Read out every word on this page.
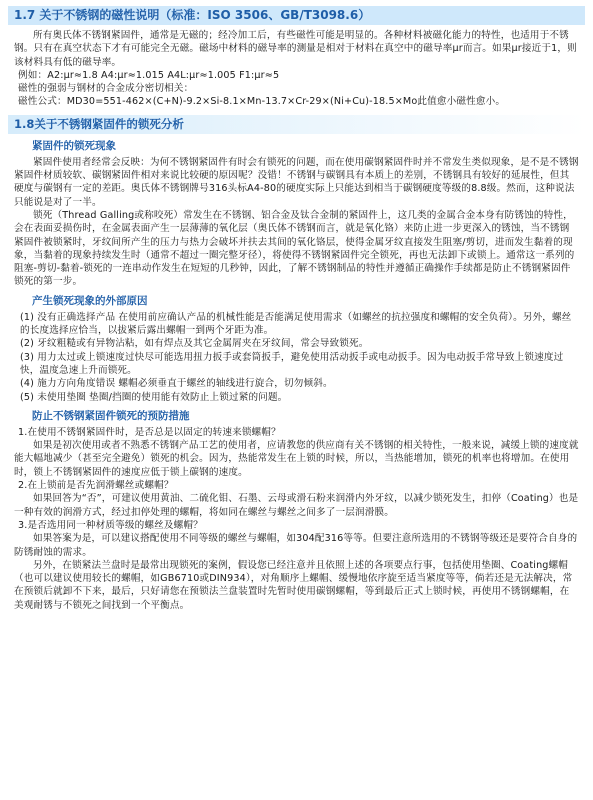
1.7 关于不锈钢的磁性说明（标准：ISO 3506、GB/T3098.6）

所有奥氏体不锈钢紧固件，通常是无磁的；经冷加工后，有些磁性可能是明显的。各种材料被磁化能力的特性，也适用于不锈钢。只有在真空状态下才有可能完全无磁。磁场中材料的磁导率的测量是相对于材料在真空中的磁导率μr而言。如果μr接近于1，则该材料具有低的磁导率。

例如：A2:μr≈1.8 A4:μr≈1.015 A4L:μr≈1.005 F1:μr≈5

磁性的强弱与钢材的合金成分密切相关：

磁性公式：MD30=551-462×(C+N)-9.2×Si-8.1×Mn-13.7×Cr-29×(Ni+Cu)-18.5×Mo此值愈小磁性愈小。

1.8关于不锈钢紧固件的锁死分析
紧固件的锁死现象

紧固件使用者经常会反映：为何不锈钢紧固件有时会有锁死的问题，而在使用碳钢紧固件时并不常发生类似现象，是不是不锈钢紧固件材质较软、碳钢紧固件相对来说比较硬的原因呢？没错！不锈钢与碳钢具有本质上的差别，不锈钢具有较好的延展性，但其硬度与碳钢有一定的差距。奥氏体不锈钢牌号316头标A4-80的硬度实际上只能达到相当于碳钢硬度等级的8.8级。然而，这种说法只能说是对了一半。

锁死（Thread Galling或称咬死）常发生在不锈钢、铝合金及钛合金制的紧固件上，这几类的金属合金本身有防锈蚀的特性，会在表面妥损伤时，在金属表面产生一层薄薄的氧化层（奥氏体不锈钢而言，就是氧化铬）来防止进一步更深入的锈蚀，当不锈钢紧固件被锁紧时，牙纹间所产生的压力与热力会破坏并扶去其间的氧化铬层，使得金属牙纹直接发生阻塞/剪切，进而发生黏着的现象，当黏着的现象持续发生时（通常不超过一圈完整牙径），将使得不锈钢紧固件完全锁死，再也无法卸下或锁上。通常这一系列的阻塞-剪切-黏着-锁死的一连串动作发生在短短的几秒钟，因此，了解不锈钢制品的特性并遵循正确操作手续都是防止不锈钢紧固件锁死的第一步。

产生锁死现象的外部原因

(1) 没有正确选择产品 在使用前应确认产品的机械性能是否能满足使用需求（如螺丝的抗拉强度和螺帽的安全负荷）。另外，螺丝的长度选择应恰当，以拔紧后露出螺帽一到两个牙距为准。

(2) 牙纹粗糙或有异物沾粘，如有焊点及其它金属屑夹在牙纹间，常会导致锁死。

(3) 用力太过或上锁速度过快尽可能选用扭力扳手或套筒扳手，避免使用活动扳手或电动扳手。因为电动扳手常导致上锁速度过快，温度急速上升而锁死。

(4) 施力方向角度错误 螺帽必须垂直于螺丝的轴线进行旋合，切勿倾斜。

(5) 未使用垫圈 垫圈/挡圈的使用能有效防止上锁过紧的问题。

防止不锈钢紧固件锁死的预防措施

1.在使用不锈钢紧固件时，是否总是以固定的转速来锁螺帽？

如果是初次使用或者不熟悉不锈钢产品工艺的使用者，应请教您的供应商有关不锈钢的相关特性，一般来说，减缓上锁的速度就能大幅地减少（甚至完全避免）锁死的机会。因为，热能常发生在上锁的时候，所以，当热能增加，锁死的机率也将增加。在使用时，锁上不锈钢紧固件的速度应低于锁上碳钢的速度。

2.在上锁前是否先润滑螺丝或螺帽？

如果回答为“否”，可建议使用黄油、二硫化钼、石墨、云母或滑石粉来润滑内外牙纹，以减少锁死发生，扣停（Coating）也是一种有效的润滑方式，经过扣停处理的螺帽，将如同在螺丝与螺丝之间多了一层润滑膜。

3.是否选用同一种材质等级的螺丝及螺帽？

如果答案为是，可以建议搭配使用不同等级的螺丝与螺帽，如304配316等等。但要注意所选用的不锈钢等级还是要符合自身的防锈耐蚀的需求。

另外，在锁紧法兰盘时是最常出现锁死的案例，假设您已经注意并且依照上述的各项要点行事，包括使用垫圈、Coating螺帽（也可以建议使用较长的螺帽，如GB6710或DIN934），对角顺序上螺帽、缓慢地依序旋至适当紧度等等，倘若还是无法解决，常在预锁后就卸不下来，最后，只好请您在预锁法兰盘装置时先暂时使用碳钢螺帽，等到最后正式上锁时候，再使用不锈钢螺帽，在美观耐锈与不锁死之间找到一个平衡点。
